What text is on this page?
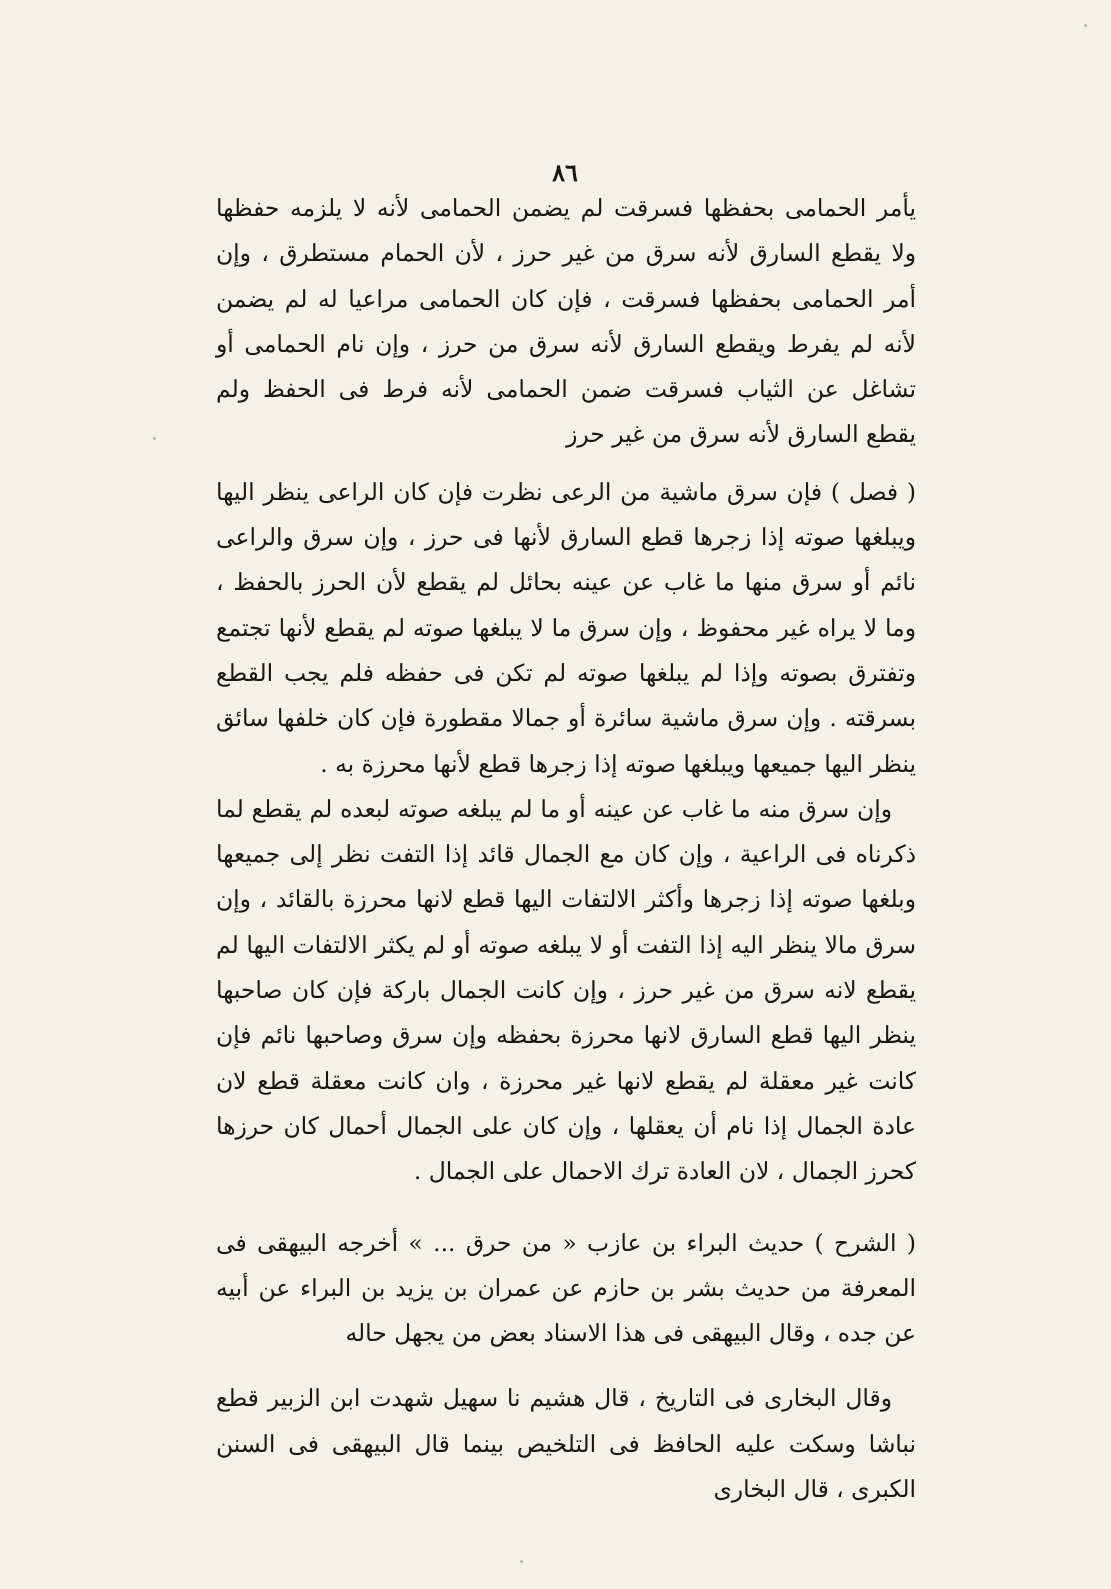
٨٦

يأمر الحمامى بحفظها فسرقت لم يضمن الحمامى لأنه لا يلزمه حفظها ولا يقطع السارق لأنه سرق من غير حرز ، لأن الحمام مستطرق ، وإن أمر الحمامى بحفظها فسرقت ، فإن كان الحمامى مراعيا له لم يضمن لأنه لم يفرط ويقطع السارق لأنه سرق من حرز ، وإن نام الحمامى أو تشاغل عن الثياب فسرقت ضمن الحمامى لأنه فرط فى الحفظ ولم يقطع السارق لأنه سرق من غير حرز

( فصل ) فإن سرق ماشية من الرعى نظرت فإن كان الراعى ينظر اليها ويبلغها صوته إذا زجرها قطع السارق لأنها فى حرز ، وإن سرق والراعى نائم أو سرق منها ما غاب عن عينه بحائل لم يقطع لأن الحرز بالحفظ ، وما لا يراه غير محفوظ ، وإن سرق ما لا يبلغها صوته لم يقطع لأنها تجتمع وتفترق بصوته وإذا لم يبلغها صوته لم تكن فى حفظه فلم يجب القطع بسرقته . وإن سرق ماشية سائرة أو جمالا مقطورة فإن كان خلفها سائق ينظر اليها جميعها ويبلغها صوته إذا زجرها قطع لأنها محرزة به .

وإن سرق منه ما غاب عن عينه أو ما لم يبلغه صوته لبعده لم يقطع لما ذكرناه فى الراعية ، وإن كان مع الجمال قائد إذا التفت نظر إلى جميعها وبلغها صوته إذا زجرها وأكثر الالتفات اليها قطع لانها محرزة بالقائد ، وإن سرق مالا ينظر اليه إذا التفت أو لا يبلغه صوته أو لم يكثر الالتفات اليها لم يقطع لانه سرق من غير حرز ، وإن كانت الجمال باركة فإن كان صاحبها ينظر اليها قطع السارق لانها محرزة بحفظه وإن سرق وصاحبها نائم فإن كانت غير معقلة لم يقطع لانها غير محرزة ، وان كانت معقلة قطع لان عادة الجمال إذا نام أن يعقلها ، وإن كان على الجمال أحمال كان حرزها كحرز الجمال ، لان العادة ترك الاحمال على الجمال .

( الشرح ) حديث البراء بن عازب « من حرق ... » أخرجه البيهقى فى المعرفة من حديث بشر بن حازم عن عمران بن يزيد بن البراء عن أبيه عن جده ، وقال البيهقى فى هذا الاسناد بعض من يجهل حاله

وقال البخارى فى التاريخ ، قال هشيم نا سهيل شهدت ابن الزبير قطع نباشا وسكت عليه الحافظ فى التلخيص بينما قال البيهقى فى السنن الكبرى ، قال البخارى
